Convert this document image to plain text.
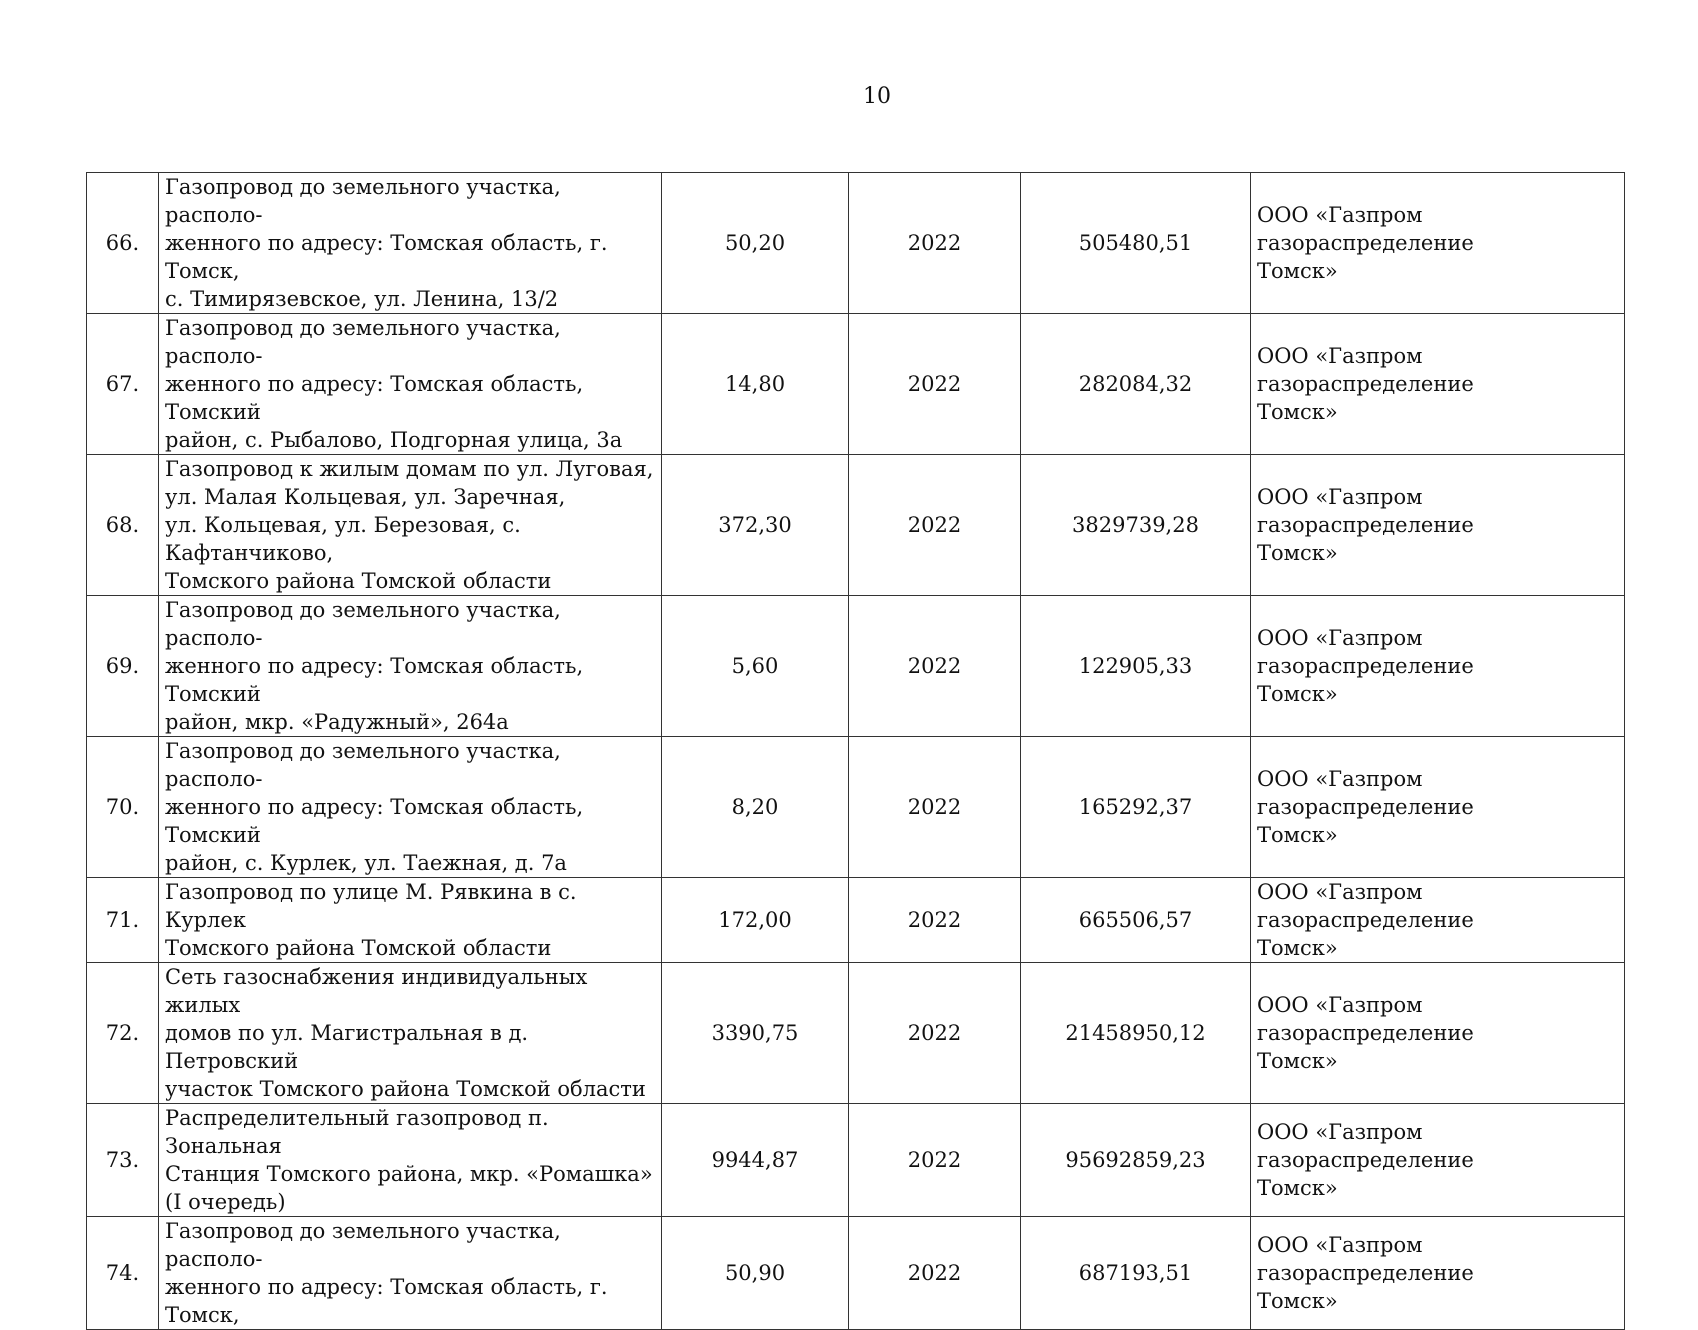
10
66.	Газопровод до земельного участка, располо-
женного по адресу: Томская область, г. Томск,
с. Тимирязевское, ул. Ленина, 13/2	50,20	2022	505480,51	ООО «Газпром газораспределение
Томск»

67.	Газопровод до земельного участка, располо-
женного по адресу: Томская область, Томский
район, с. Рыбалово, Подгорная улица, 3а	14,80	2022	282084,32	ООО «Газпром газораспределение
Томск»

68.	Газопровод к жилым домам по ул. Луговая,
ул. Малая Кольцевая, ул. Заречная,
ул. Кольцевая, ул. Березовая, с. Кафтанчиково,
Томского района Томской области	372,30	2022	3829739,28	ООО «Газпром газораспределение
Томск»

69.	Газопровод до земельного участка, располо-
женного по адресу: Томская область, Томский
район, мкр. «Радужный», 264а	5,60	2022	122905,33	ООО «Газпром газораспределение
Томск»

70.	Газопровод до земельного участка, располо-
женного по адресу: Томская область, Томский
район, с. Курлек, ул. Таежная, д. 7а	8,20	2022	165292,37	ООО «Газпром газораспределение
Томск»

71.	Газопровод по улице М. Рявкина в с. Курлек
Томского района Томской области	172,00	2022	665506,57	ООО «Газпром газораспределение
Томск»

72.	Сеть газоснабжения индивидуальных жилых
домов по ул. Магистральная в д. Петровский
участок Томского района Томской области	3390,75	2022	21458950,12	ООО «Газпром газораспределение
Томск»

73.	Распределительный газопровод п. Зональная
Станция Томского района, мкр. «Ромашка»
(I очередь)	9944,87	2022	95692859,23	ООО «Газпром газораспределение
Томск»

74.	Газопровод до земельного участка, располо-
женного по адресу: Томская область, г. Томск,	50,90	2022	687193,51	ООО «Газпром газораспределение
Томск»
